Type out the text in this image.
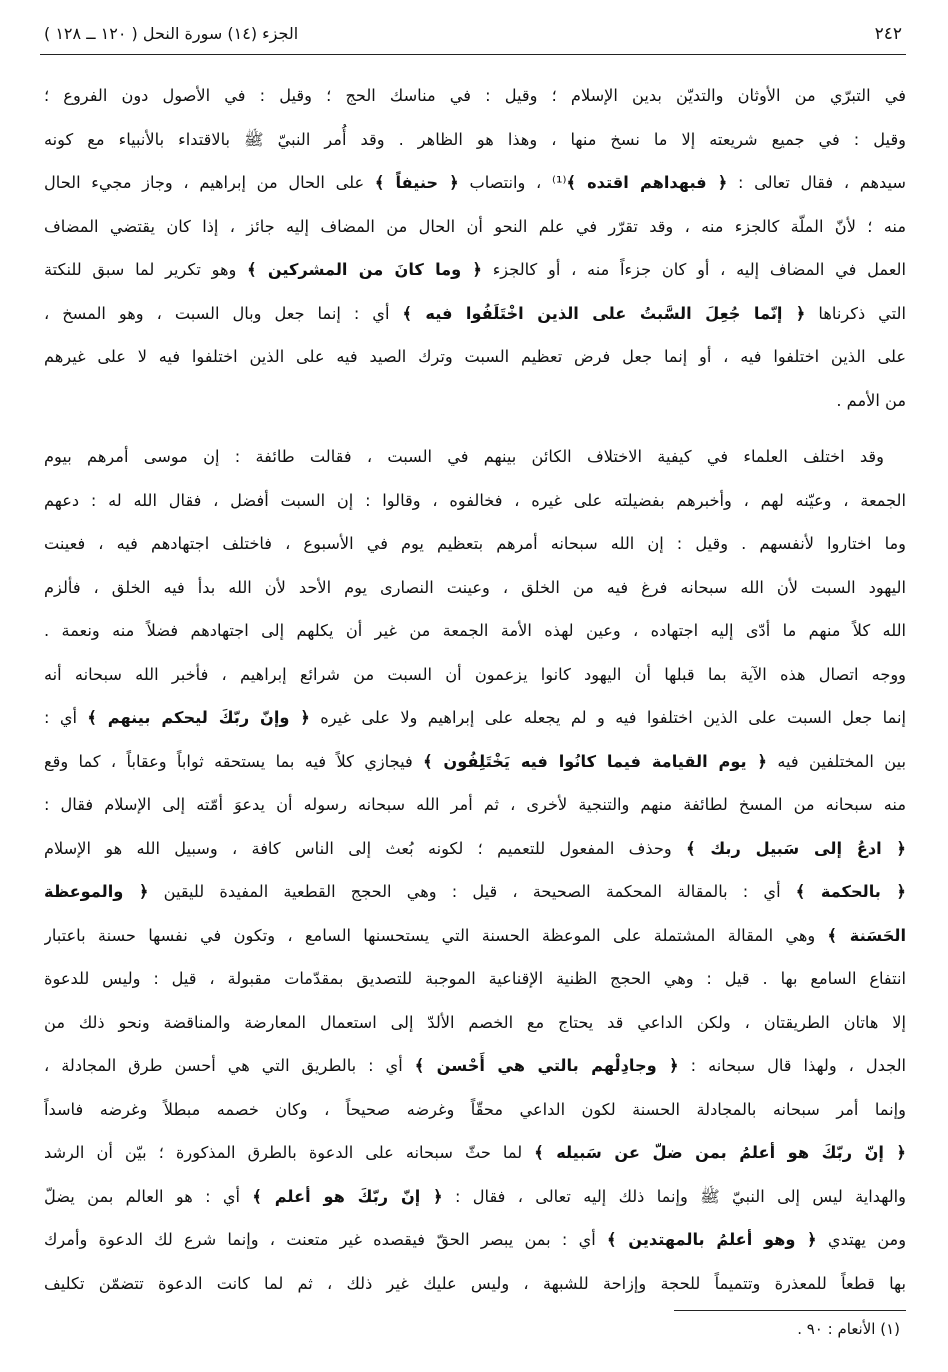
٢٤٢
الجزء (١٤) سورة النحل ( ١٢٠ ــ ١٢٨ )
في التبرّي من الأوثان والتديّن بدين الإسلام ؛ وقيل : في مناسك الحج ؛ وقيل : في الأصول دون الفروع ؛
وقيل : في جميع شريعته إلا ما نسخ منها ، وهذا هو الظاهر . وقد أُمر النبيّ ﷺ بالاقتداء بالأنبياء مع كونه
سيدهم ، فقال تعالى : ﴿ فبهداهم اقتده ﴾⁽¹⁾ ، وانتصاب ﴿ حنيفاً ﴾ على الحال من إبراهيم ، وجاز مجيء الحال
منه ؛ لأنّ الملّة كالجزء منه ، وقد تقرّر في علم النحو أن الحال من المضاف إليه جائز ، إذا كان يقتضي المضاف
العمل في المضاف إليه ، أو كان جزءاً منه ، أو كالجزء ﴿ وما كانَ من المشركين ﴾ وهو تكرير لما سبق للنكتة
التي ذكرناها ﴿ إنّما جُعِلَ السَّبتُ على الذين اخْتَلَفُوا فيه ﴾ أي : إنما جعل وبال السبت ، وهو المسخ ،
على الذين اختلفوا فيه ، أو إنما جعل فرض تعظيم السبت وترك الصيد فيه على الذين اختلفوا فيه لا على غيرهم
من الأمم .
وقد اختلف العلماء في كيفية الاختلاف الكائن بينهم في السبت ، فقالت طائفة : إن موسى أمرهم بيوم
الجمعة ، وعيّنه لهم ، وأخبرهم بفضيلته على غيره ، فخالفوه ، وقالوا : إن السبت أفضل ، فقال الله له : دعهم
وما اختاروا لأنفسهم . وقيل : إن الله سبحانه أمرهم بتعظيم يوم في الأسبوع ، فاختلف اجتهادهم فيه ، فعينت
اليهود السبت لأن الله سبحانه فرغ فيه من الخلق ، وعينت النصارى يوم الأحد لأن الله بدأ فيه الخلق ، فألزم
الله كلاً منهم ما أدّى إليه اجتهاده ، وعين لهذه الأمة الجمعة من غير أن يكلهم إلى اجتهادهم فضلاً منه ونعمة .
ووجه اتصال هذه الآية بما قبلها أن اليهود كانوا يزعمون أن السبت من شرائع إبراهيم ، فأخبر الله سبحانه أنه
إنما جعل السبت على الذين اختلفوا فيه و لم يجعله على إبراهيم ولا على غيره ﴿ وإنّ ربّكَ ليحكم بينهم ﴾ أي :
بين المختلفين فيه ﴿ يوم القيامة فيما كانُوا فيه يَخْتَلِفُون ﴾ فيجازي كلاً فيه بما يستحقه ثواباً وعقاباً ، كما وقع
منه سبحانه من المسخ لطائفة منهم والتنجية لأخرى ، ثم أمر الله سبحانه رسوله أن يدعوَ أمّته إلى الإسلام فقال :
﴿ ادعُ إلى سَبيل ربك ﴾ وحذف المفعول للتعميم ؛ لكونه بُعث إلى الناس كافة ، وسبيل الله هو الإسلام
﴿ بالحكمة ﴾ أي : بالمقالة المحكمة الصحيحة ، قيل : وهي الحجج القطعية المفيدة لليقين ﴿ والموعظة
الحَسَنة ﴾ وهي المقالة المشتملة على الموعظة الحسنة التي يستحسنها السامع ، وتكون في نفسها حسنة باعتبار
انتفاع السامع بها . قيل : وهي الحجج الظنية الإقناعية الموجبة للتصديق بمقدّمات مقبولة ، قيل : وليس للدعوة
إلا هاتان الطريقتان ، ولكن الداعي قد يحتاج مع الخصم الألدّ إلى استعمال المعارضة والمناقضة ونحو ذلك من
الجدل ، ولهذا قال سبحانه : ﴿ وجادِلْهم بالتي هي أَحْسن ﴾ أي : بالطريق التي هي أحسن طرق المجادلة ،
وإنما أمر سبحانه بالمجادلة الحسنة لكون الداعي محقّاً وغرضه صحيحاً ، وكان خصمه مبطلاً وغرضه فاسداً
﴿ إنّ ربّكَ هو أعلمُ بمن ضلّ عن سَبيله ﴾ لما حثّ سبحانه على الدعوة بالطرق المذكورة ؛ بيّن أن الرشد
والهداية ليس إلى النبيّ ﷺ وإنما ذلك إليه تعالى ، فقال : ﴿ إنّ ربّكَ هو أعلم ﴾ أي : هو العالم بمن يضلّ
ومن يهتدي ﴿ وهو أعلمُ بالمهتدين ﴾ أي : بمن يبصر الحقّ فيقصده غير متعنت ، وإنما شرع لك الدعوة وأمرك
بها قطعاً للمعذرة وتتميماً للحجة وإزاحة للشبهة ، وليس عليك غير ذلك ، ثم لما كانت الدعوة تتضمّن تكليف
(١) الأنعام : ٩٠ .
